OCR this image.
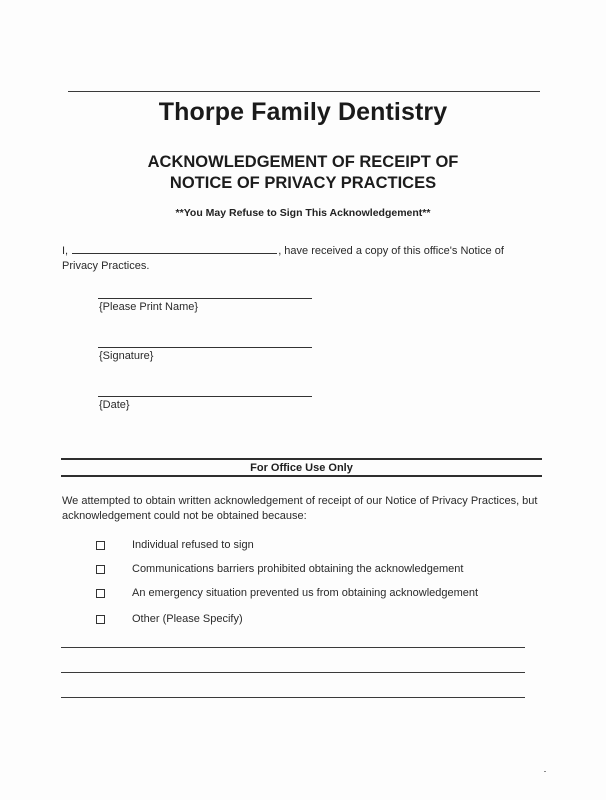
Thorpe Family Dentistry
ACKNOWLEDGEMENT OF RECEIPT OF
NOTICE OF PRIVACY PRACTICES
**You May Refuse to Sign This Acknowledgement**
I,	, have received a copy of this office's Notice of
Privacy Practices.
{Please Print Name}
{Signature}
{Date}
For Office Use Only
We attempted to obtain written acknowledgement of receipt of our Notice of Privacy Practices, but
acknowledgement could not be obtained because:
Individual refused to sign
Communications barriers prohibited obtaining the acknowledgement
An emergency situation prevented us from obtaining acknowledgement
Other (Please Specify)
